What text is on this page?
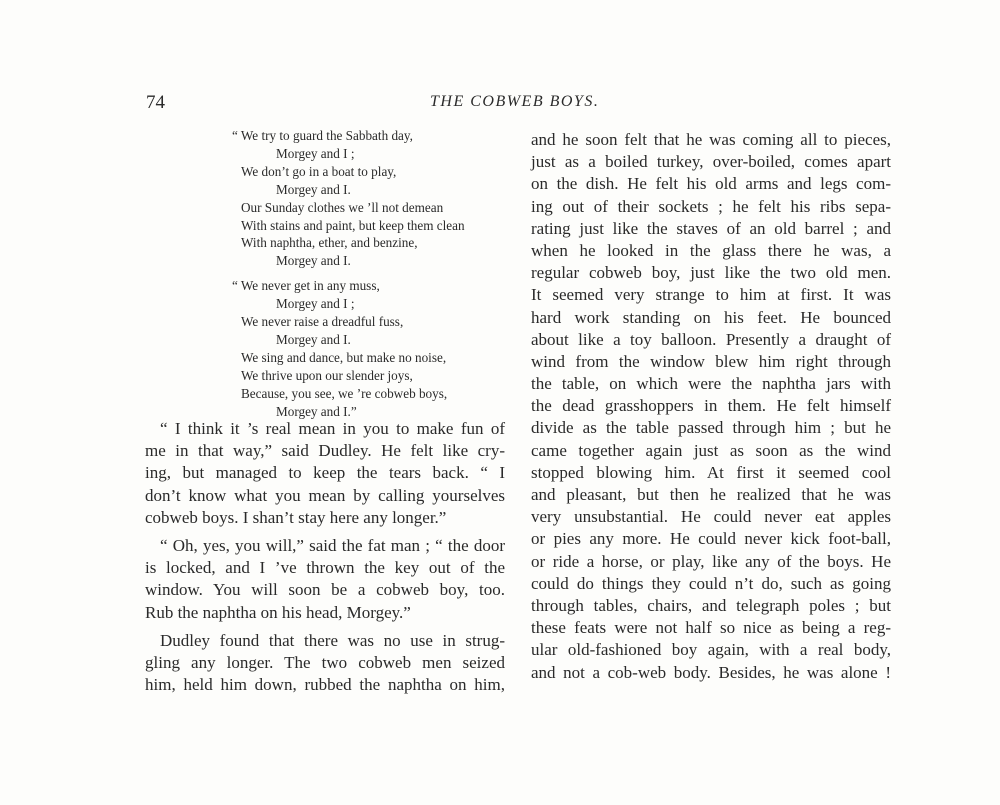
74	THE COBWEB BOYS.
“ We try to guard the Sabbath day,
Morgey and I ;
We don’t go in a boat to play,
Morgey and I.
Our Sunday clothes we ’ll not demean
With stains and paint, but keep them clean
With naphtha, ether, and benzine,
Morgey and I.
“ We never get in any muss,
Morgey and I ;
We never raise a dreadful fuss,
Morgey and I.
We sing and dance, but make no noise,
We thrive upon our slender joys,
Because, you see, we ’re cobweb boys,
Morgey and I.”
“ I think it ’s real mean in you to make fun of
me in that way,” said Dudley. He felt like cry-
ing, but managed to keep the tears back. “ I
don’t know what you mean by calling yourselves
cobweb boys. I shan’t stay here any longer.”
“ Oh, yes, you will,” said the fat man ; “ the door
is locked, and I ’ve thrown the key out of the
window. You will soon be a cobweb boy, too.
Rub the naphtha on his head, Morgey.”
Dudley found that there was no use in strug-
gling any longer. The two cobweb men seized
him, held him down, rubbed the naphtha on him,
and he soon felt that he was coming all to pieces,
just as a boiled turkey, over-boiled, comes apart
on the dish. He felt his old arms and legs com-
ing out of their sockets ; he felt his ribs sepa-
rating just like the staves of an old barrel ; and
when he looked in the glass there he was, a
regular cobweb boy, just like the two old men.
It seemed very strange to him at first. It was
hard work standing on his feet. He bounced
about like a toy balloon. Presently a draught of
wind from the window blew him right through
the table, on which were the naphtha jars with
the dead grasshoppers in them. He felt himself
divide as the table passed through him ; but he
came together again just as soon as the wind
stopped blowing him. At first it seemed cool
and pleasant, but then he realized that he was
very unsubstantial. He could never eat apples
or pies any more. He could never kick foot-ball,
or ride a horse, or play, like any of the boys. He
could do things they could n’t do, such as going
through tables, chairs, and telegraph poles ; but
these feats were not half so nice as being a reg-
ular old-fashioned boy again, with a real body,
and not a cob-web body. Besides, he was alone !
